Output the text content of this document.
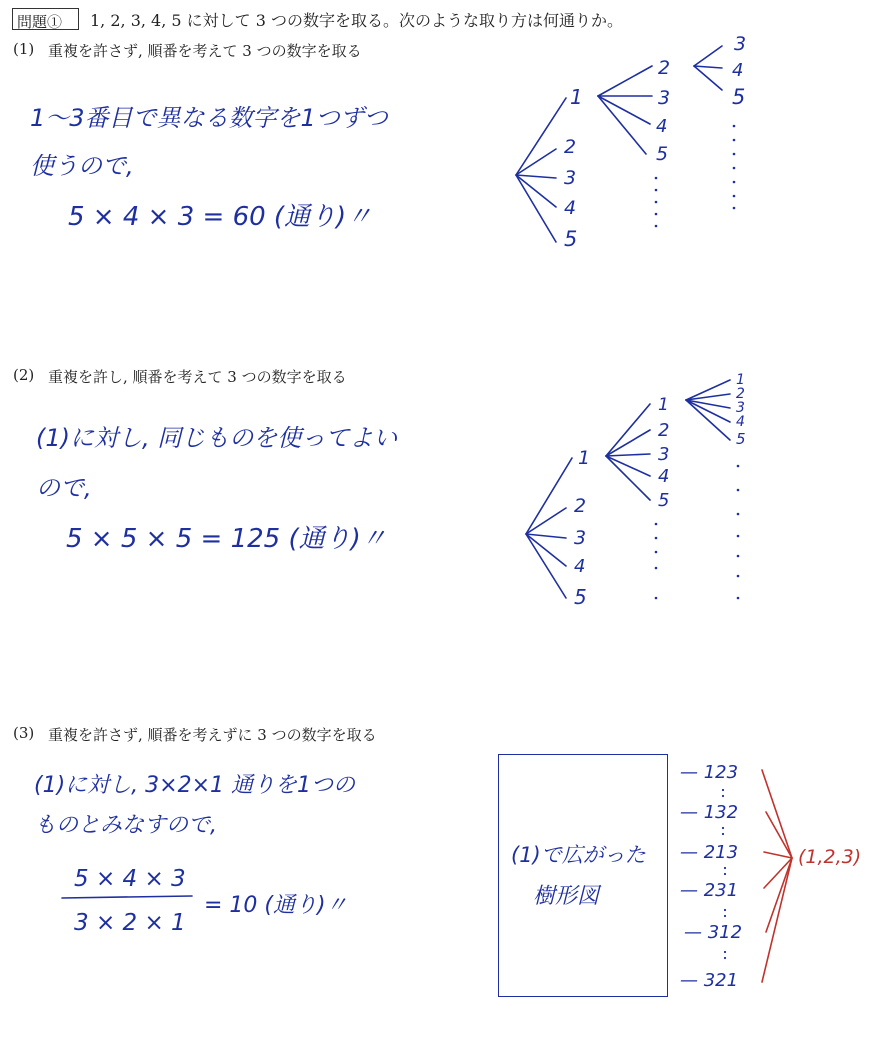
問題① 1, 2, 3, 4, 5 に対して 3 つの数字を取る。次のような取り方は何通りか。
(1) 重複を許さず, 順番を考えて 3 つの数字を取る
1～3番目で異なる数字を1つずつ
使うので,
5 × 4 × 3 = 60 (通り)〃
(2) 重複を許し, 順番を考えて 3 つの数字を取る
(1)に対し, 同じものを使ってよい
ので,
5 × 5 × 5 = 125 (通り)〃
(3) 重複を許さず, 順番を考えずに 3 つの数字を取る
(1)に対し, 3×2×1 通りを1つの
ものとみなすので,
5 × 4 × 3
3 × 2 × 1
= 10 (通り)〃
(1)で広がった
樹形図
— 123
— 132
— 213
— 231
— 312
— 321
(1,2,3)
1
2
3
4
5
2
3
4
5
3
4
5
1
2
3
4
5
1
2
3
4
5
1
2
3
4
5
